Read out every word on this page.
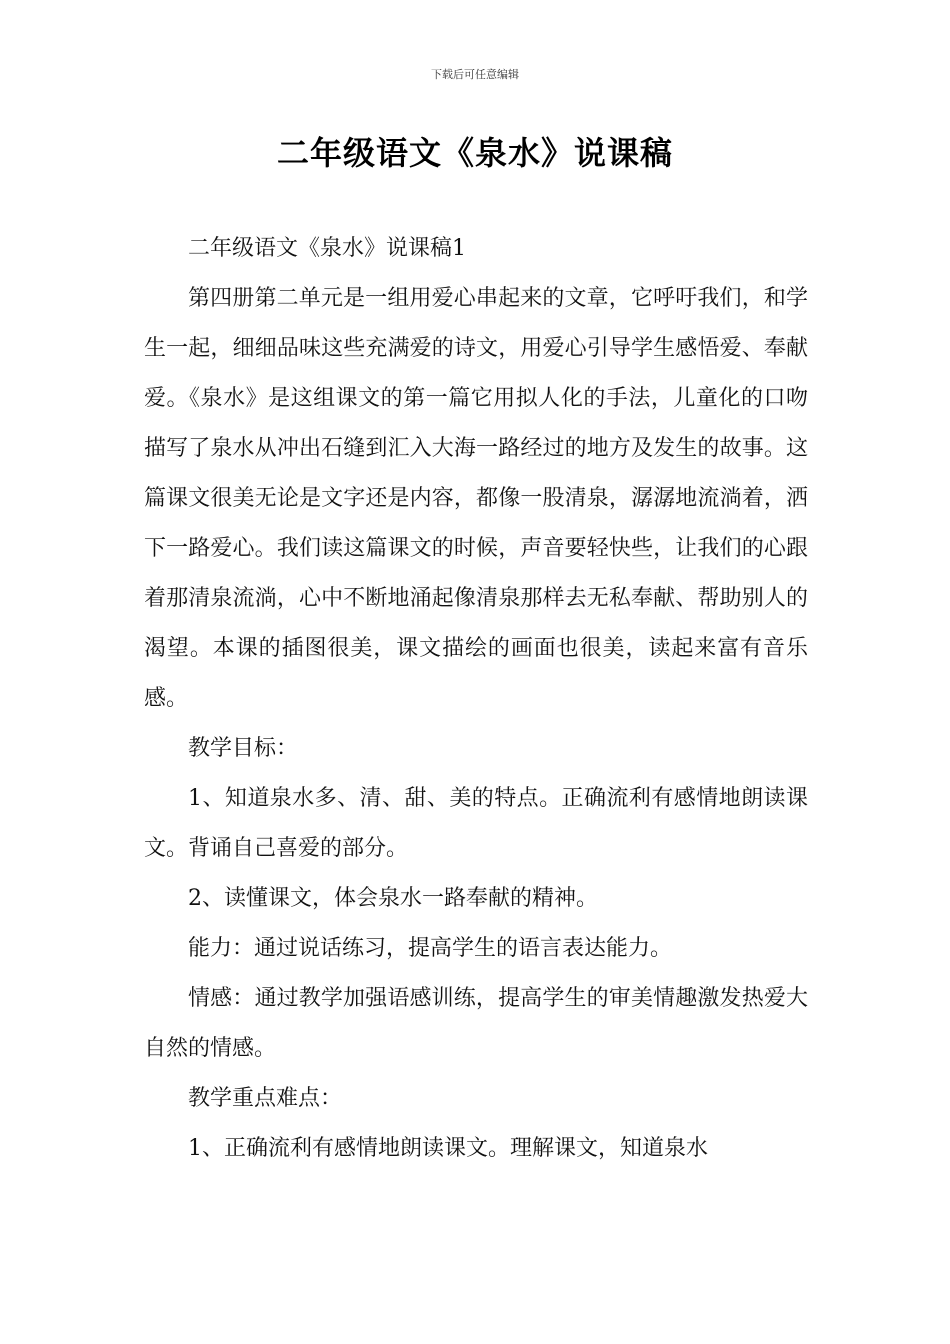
下载后可任意编辑
二年级语文《泉水》说课稿

二年级语文《泉水》说课稿1

第四册第二单元是一组用爱心串起来的文章，它呼吁我们，和学生一起，细细品味这些充满爱的诗文，用爱心引导学生感悟爱、奉献爱。《泉水》是这组课文的第一篇它用拟人化的手法，儿童化的口吻描写了泉水从冲出石缝到汇入大海一路经过的地方及发生的故事。这篇课文很美无论是文字还是内容，都像一股清泉，潺潺地流淌着，洒下一路爱心。我们读这篇课文的时候，声音要轻快些，让我们的心跟着那清泉流淌，心中不断地涌起像清泉那样去无私奉献、帮助别人的渴望。本课的插图很美，课文描绘的画面也很美，读起来富有音乐感。

教学目标：

1、知道泉水多、清、甜、美的特点。正确流利有感情地朗读课文。背诵自己喜爱的部分。

2、读懂课文，体会泉水一路奉献的精神。

能力：通过说话练习，提高学生的语言表达能力。

情感：通过教学加强语感训练，提高学生的审美情趣激发热爱大自然的情感。

教学重点难点：

1、正确流利有感情地朗读课文。理解课文，知道泉水
